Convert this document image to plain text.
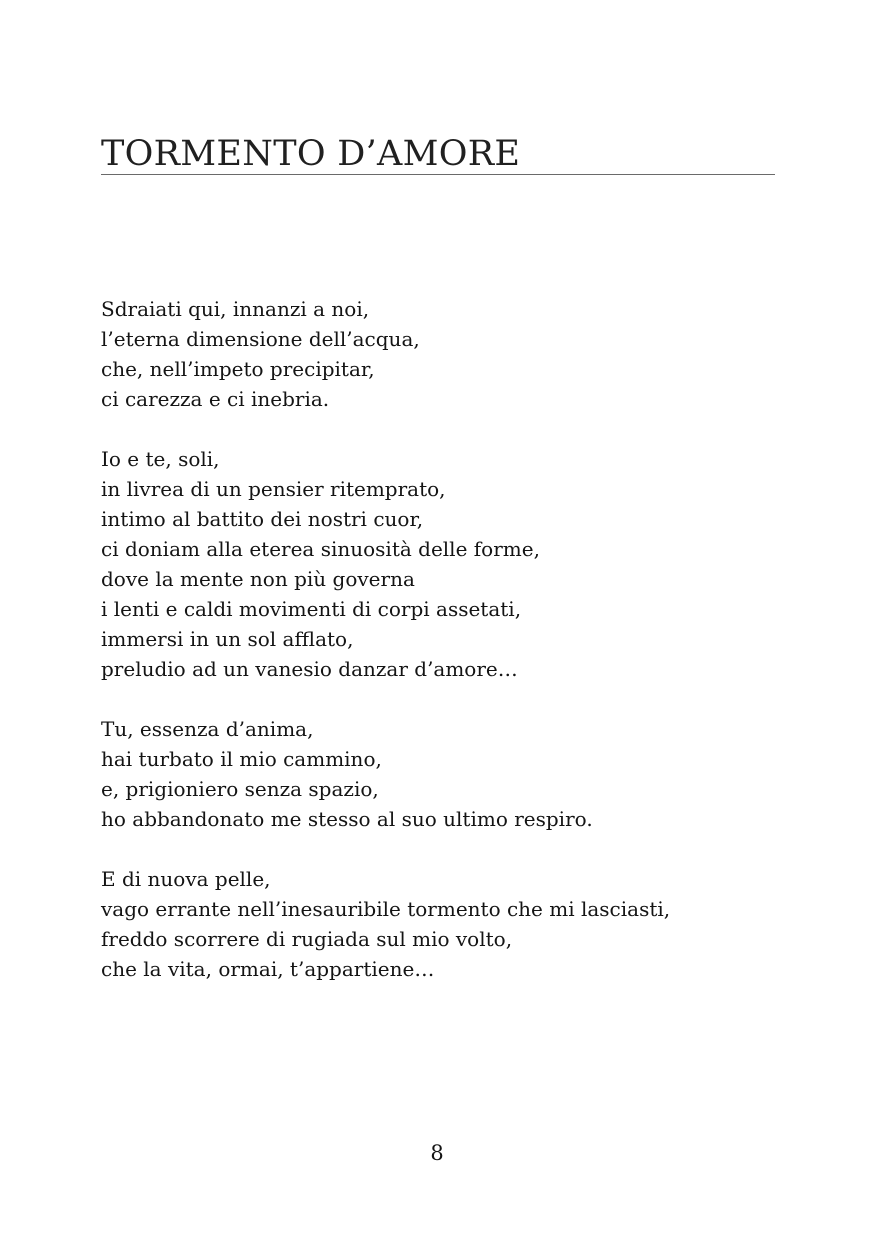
TORMENTO D’AMORE
Sdraiati qui, innanzi a noi,
l’eterna dimensione dell’acqua,
che, nell’impeto precipitar,
ci carezza e ci inebria.
Io e te, soli,
in livrea di un pensier ritemprato,
intimo al battito dei nostri cuor,
ci doniam alla eterea sinuosità delle forme,
dove la mente non più governa
i lenti e caldi movimenti di corpi assetati,
immersi in un sol afflato,
preludio ad un vanesio danzar d’amore…
Tu, essenza d’anima,
hai turbato il mio cammino,
e, prigioniero senza spazio,
ho abbandonato me stesso al suo ultimo respiro.
E di nuova pelle,
vago errante nell’inesauribile tormento che mi lasciasti,
freddo scorrere di rugiada sul mio volto,
che la vita, ormai, t’appartiene…
8
